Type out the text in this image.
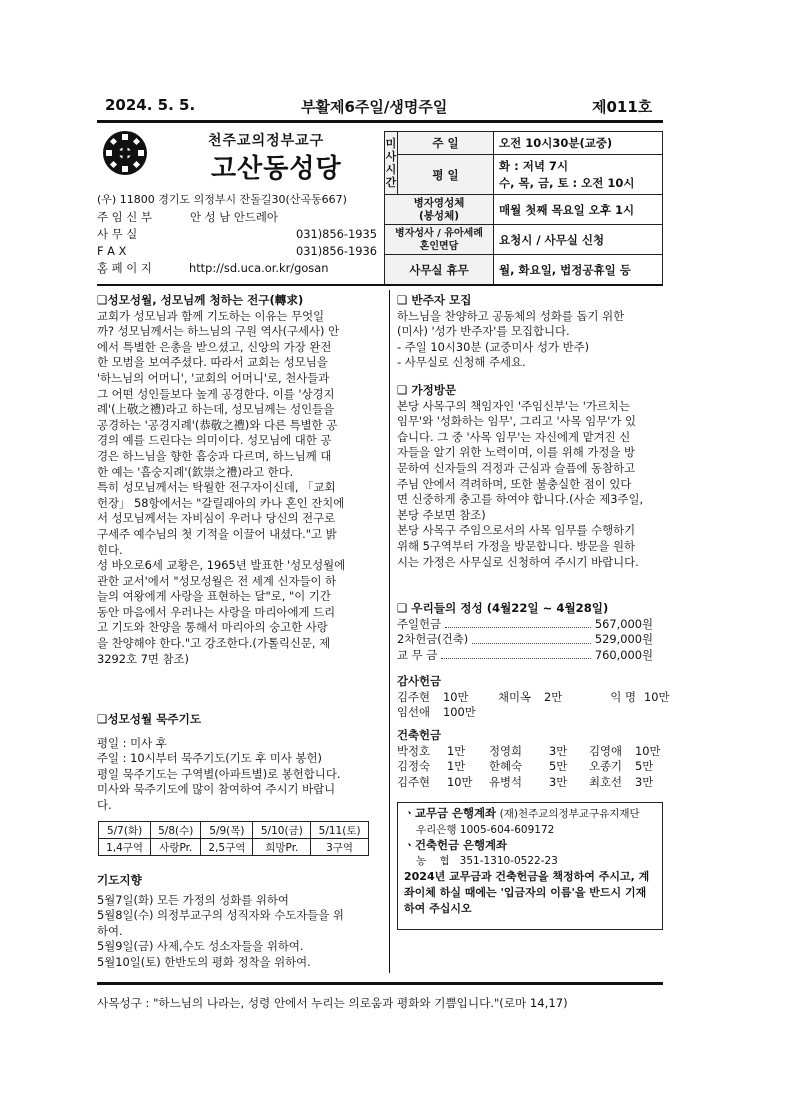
2024. 5. 5.	부활제6주일/생명주일	제011호
천주교의정부교구
고산동성당
(우) 11800 경기도 의정부시 잔돌길30(산곡동667)
주 임 신 부	안 성 남 안드레아
사 무 실	031)856-1935
F A X	031)856-1936
홈 페 이 지	http://sd.uca.or.kr/gosan
미사시간	주 일	오전 10시30분(교중)
	평 일	화 : 저녁 7시
수, 목, 금, 토 : 오전 10시

병자영성체
(봉성체)		매월 첫째 목요일 오후 1시

병자성사 / 유아세례
혼인면담		요청시 / 사무실 신청
사무실 휴무		월, 화요일, 법정공휴일 등
❑성모성월, 성모님께 청하는 전구(轉求)
교회가 성모님과 함께 기도하는 이유는 무엇일
까? 성모님께서는 하느님의 구원 역사(구세사) 안
에서 특별한 은총을 받으셨고, 신앙의 가장 완전
한 모범을 보여주셨다. 따라서 교회는 성모님을
'하느님의 어머니', '교회의 어머니'로, 천사들과
그 어떤 성인들보다 높게 공경한다. 이를 '상경지
례'(上敬之禮)라고 하는데, 성모님께는 성인들을
공경하는 '공경지례'(恭敬之禮)와 다른 특별한 공
경의 예를 드린다는 의미이다. 성모님에 대한 공
경은 하느님을 향한 흠숭과 다르며, 하느님께 대
한 예는 '흠숭지례'(欽崇之禮)라고 한다.
특히 성모님께서는 탁월한 전구자이신데, 「교회
헌장」 58항에서는 "갈릴래아의 카나 혼인 잔치에
서 성모님께서는 자비심이 우러나 당신의 전구로
구세주 예수님의 첫 기적을 이끌어 내셨다."고 밝
힌다.
성 바오로6세 교황은, 1965년 발표한 '성모성월에
관한 교서'에서 "성모성월은 전 세계 신자들이 하
늘의 여왕에게 사랑을 표현하는 달"로, "이 기간
동안 마음에서 우러나는 사랑을 마리아에게 드리
고 기도와 찬양을 통해서 마리아의 숭고한 사랑
을 찬양해야 한다."고 강조한다.(가톨릭신문, 제
3292호 7면 참조)
❑성모성월 묵주기도
평일 : 미사 후
주일 : 10시부터 묵주기도(기도 후 미사 봉헌)
평일 묵주기도는 구역별(아파트별)로 봉헌합니다.
미사와 묵주기도에 많이 참여하여 주시기 바랍니
다.
5/7(화)	5/8(수)	5/9(목)	5/10(금)	5/11(토)
1,4구역	사랑Pr.	2,5구역	희망Pr.	3구역
기도지향
5월7일(화) 모든 가정의 성화를 위하여
5월8일(수) 의정부교구의 성직자와 수도자들을 위
하여.
5월9일(금) 사제,수도 성소자들을 위하여.
5월10일(토) 한반도의 평화 정착을 위하여.
❑ 반주자 모집
하느님을 찬양하고 공동체의 성화를 돕기 위한
(미사) '성가 반주자'를 모집합니다.
- 주일 10시30분 (교중미사 성가 반주)
- 사무실로 신청해 주세요.
❑ 가정방문
본당 사목구의 책임자인 '주임신부'는 '가르치는
임무'와 '성화하는 임무', 그리고 '사목 임무'가 있
습니다. 그 중 '사목 임무'는 자신에게 맡겨진 신
자들을 알기 위한 노력이며, 이를 위해 가정을 방
문하여 신자들의 걱정과 근심과 슬픔에 동참하고
주님 안에서 격려하며, 또한 불충실한 점이 있다
면 신중하게 충고를 하여야 합니다.(사순 제3주일,
본당 주보면 참조)
본당 사목구 주임으로서의 사목 임무를 수행하기
위해 5구역부터 가정을 방문합니다. 방문을 원하
시는 가정은 사무실로 신청하여 주시기 바랍니다.
❑ 우리들의 정성 (4월22일 ~ 4월28일)
주일헌금	567,000원
2차헌금(건축)	529,000원
교 무 금	760,000원
감사헌금
김주현 10만	채미옥 2만	익 명 10만
임선애 100만
건축헌금
박정호 1만 정영희 3만 김영애 10만
김정숙 1만 한혜숙 5만 오종기 5만
김주현 10만 유병석 3만 최호선 3만
ㆍ교무금 은행계좌 (재)천주교의정부교구유지재단
우리은행 1005-604-609172
ㆍ건축헌금 은행계좌
농    협   351-1310-0522-23
2024년 교무금과 건축헌금을 책정하여 주시고, 계
좌이체 하실 때에는 '입금자의 이름'을 반드시 기재
하여 주십시오
사목성구 : "하느님의 나라는, 성령 안에서 누리는 의로움과 평화와 기쁨입니다."(로마 14,17)
